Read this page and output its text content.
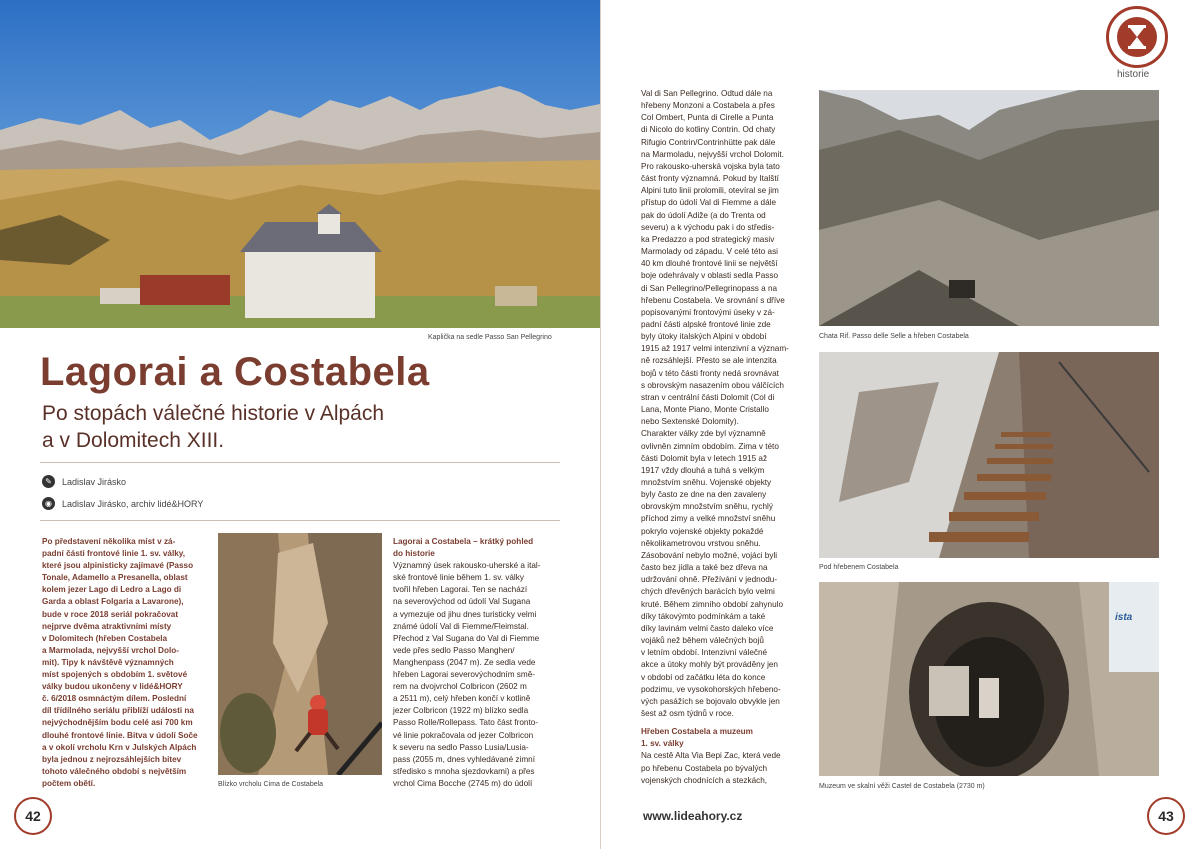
Kaplička na sedle Passo San Pellegrino
Lagorai a Costabela
Po stopách válečné historie v Alpách
a v Dolomitech XIII.
✎	Ladislav Jirásko
◉	Ladislav Jirásko, archiv lidé&HORY

Po představení několika míst v zá-

padní části frontové linie 1. sv. války,

které jsou alpinisticky zajímavé (Passo

Tonale, Adamello a Presanella, oblast

kolem jezer Lago di Ledro a Lago di

Garda a oblast Folgaria a Lavarone),

bude v roce 2018 seriál pokračovat

nejprve dvěma atraktivními místy

v Dolomitech (hřeben Costabela

a Marmolada, nejvyšší vrchol Dolo-

mit). Tipy k návštěvě významných

míst spojených s obdobím 1. světové

války budou ukončeny v lidé&HORY

č. 6/2018 osmnáctým dílem. Poslední

díl třídílného seriálu přiblíží události na

nejvýchodnějším bodu celé asi 700 km

dlouhé frontové linie. Bitva v údolí Soče

a v okolí vrcholu Krn v Julských Alpách

byla jednou z nejrozsáhlejších bitev

tohoto válečného období s největším

počtem obětí.	Blízko vrcholu Cima de Costabela

Lagorai a Costabela – krátký pohled

do historie

Významný úsek rakousko-uherské a ital-

ské frontové linie během 1. sv. války

tvořil hřeben Lagorai. Ten se nachází

na severovýchod od údolí Val Sugana

a vymezuje od jihu dnes turisticky velmi

známé údolí Val di Fiemme/Fleimstal.

Přechod z Val Sugana do Val di Fiemme

vede přes sedlo Passo Manghen/

Manghenpass (2047 m). Ze sedla vede

hřeben Lagorai severovýchodním smě-

rem na dvojvrchol Colbricon (2602 m

a 2511 m), celý hřeben končí v kotlině

jezer Colbricon (1922 m) blízko sedla

Passo Rolle/Rollepass. Tato část fronto-

vé linie pokračovala od jezer Colbricon

k severu na sedlo Passo Lusia/Lusia-

pass (2055 m, dnes vyhledávané zimní

středisko s mnoha sjezdovkami) a přes

vrchol Cima Bocche (2745 m) do údolí

42
historie

Val di San Pellegrino. Odtud dále na

hřebeny Monzoni a Costabela a přes

Col Ombert, Punta di Cirelle a Punta

di Nicolo do kotliny Contrin. Od chaty

Rifugio Contrin/Contrinhütte pak dále

na Marmoladu, nejvyšší vrchol Dolomit.

Pro rakousko-uherská vojska byla tato

část fronty významná. Pokud by Italští

Alpini tuto linii prolomili, otevíral se jim

přístup do údolí Val di Fiemme a dále

pak do údolí Adiže (a do Trenta od

severu) a k východu pak i do středis-

ka Predazzo a pod strategický masiv

Marmolady od západu. V celé této asi

40 km dlouhé frontové linii se největší

boje odehrávaly v oblasti sedla Passo

di San Pellegrino/Pellegrinopass a na

hřebenu Costabela. Ve srovnání s dříve

popisovanými frontovými úseky v zá-

padní části alpské frontové linie zde

byly útoky italských Alpini v období

1915 až 1917 velmi intenzivní a význam-

ně rozsáhlejší. Přesto se ale intenzita

bojů v této části fronty nedá srovnávat

s obrovským nasazením obou válčících

stran v centrální části Dolomit (Col di

Lana, Monte Piano, Monte Cristallo

nebo Sextenské Dolomity).

Charakter války zde byl významně

ovlivněn zimním obdobím. Zima v této

části Dolomit byla v letech 1915 až

1917 vždy dlouhá a tuhá s velkým

množstvím sněhu. Vojenské objekty

byly často ze dne na den zavaleny

obrovským množstvím sněhu, rychlý

příchod zimy a velké množství sněhu

pokrylo vojenské objekty pokaždé

několikametrovou vrstvou sněhu.

Zásobování nebylo možné, vojáci byli

často bez jídla a také bez dřeva na

udržování ohně. Přežívání v jednodu-

chých dřevěných barácích bylo velmi

kruté. Během zimního období zahynulo

díky tákovýmto podmínkám a také

díky lavinám velmi často daleko více

vojáků než během válečných bojů

v letním období. Intenzivní válečné

akce a útoky mohly být prováděny jen

v období od začátku léta do konce

podzimu, ve vysokohorských hřebeno-

vých pasážích se bojovalo obvykle jen

šest až osm týdnů v roce.

Hřeben Costabela a muzeum

1. sv. války

Na cestě Alta Via Bepi Zac, která vede

po hřebenu Costabela po bývalých

vojenských chodnících a stezkách,

Chata Rif. Passo delle Selle a hřeben Costabela
Pod hřebenem Costabela
ista
Muzeum ve skalní věži Castel de Costabela (2730 m)
www.lideahory.cz	43
